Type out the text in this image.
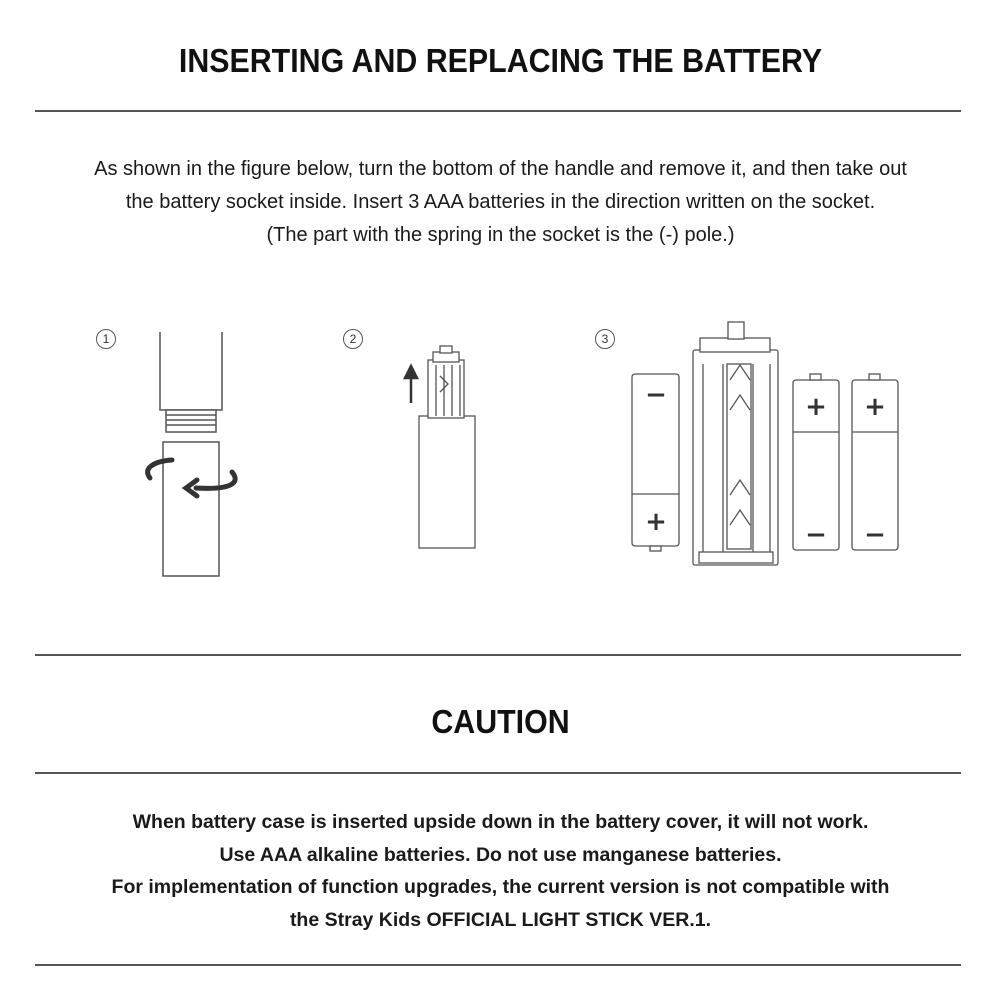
INSERTING AND REPLACING THE BATTERY
As shown in the figure below, turn the bottom of the handle and remove it, and then take out
the battery socket inside. Insert 3 AAA batteries in the direction written on the socket.
(The part with the spring in the socket is the (-) pole.)
1	2	3
−
+
+
−
+
−
CAUTION
When battery case is inserted upside down in the battery cover, it will not work.
Use AAA alkaline batteries. Do not use manganese batteries.
For implementation of function upgrades, the current version is not compatible with
the Stray Kids OFFICIAL LIGHT STICK VER.1.
